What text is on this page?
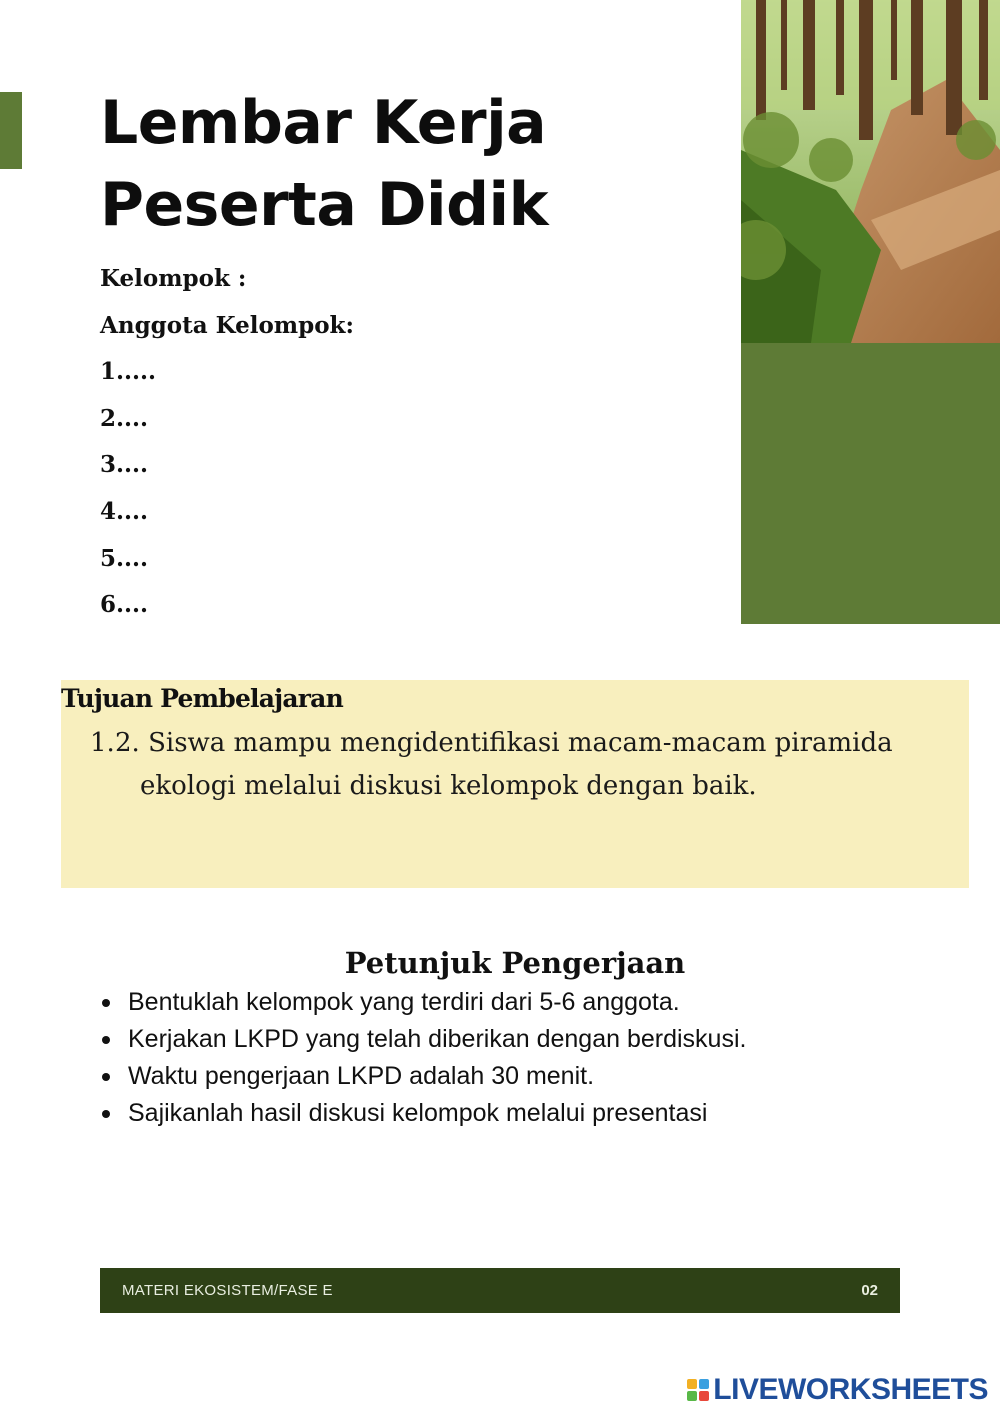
Lembar Kerja
Peserta Didik
Kelompok :
Anggota Kelompok:
1.....
2....
3....
4....
5....
6....
Tujuan Pembelajaran
1. 2. Siswa mampu mengidentifikasi macam-macam piramida ekologi melalui diskusi kelompok dengan baik.
Petunjuk Pengerjaan
Bentuklah kelompok yang terdiri dari 5-6 anggota.
Kerjakan LKPD yang telah diberikan dengan berdiskusi.
Waktu pengerjaan LKPD adalah 30 menit.
Sajikanlah hasil diskusi kelompok melalui presentasi
MATERI EKOSISTEM/FASE E	02
LIVEWORKSHEETS
